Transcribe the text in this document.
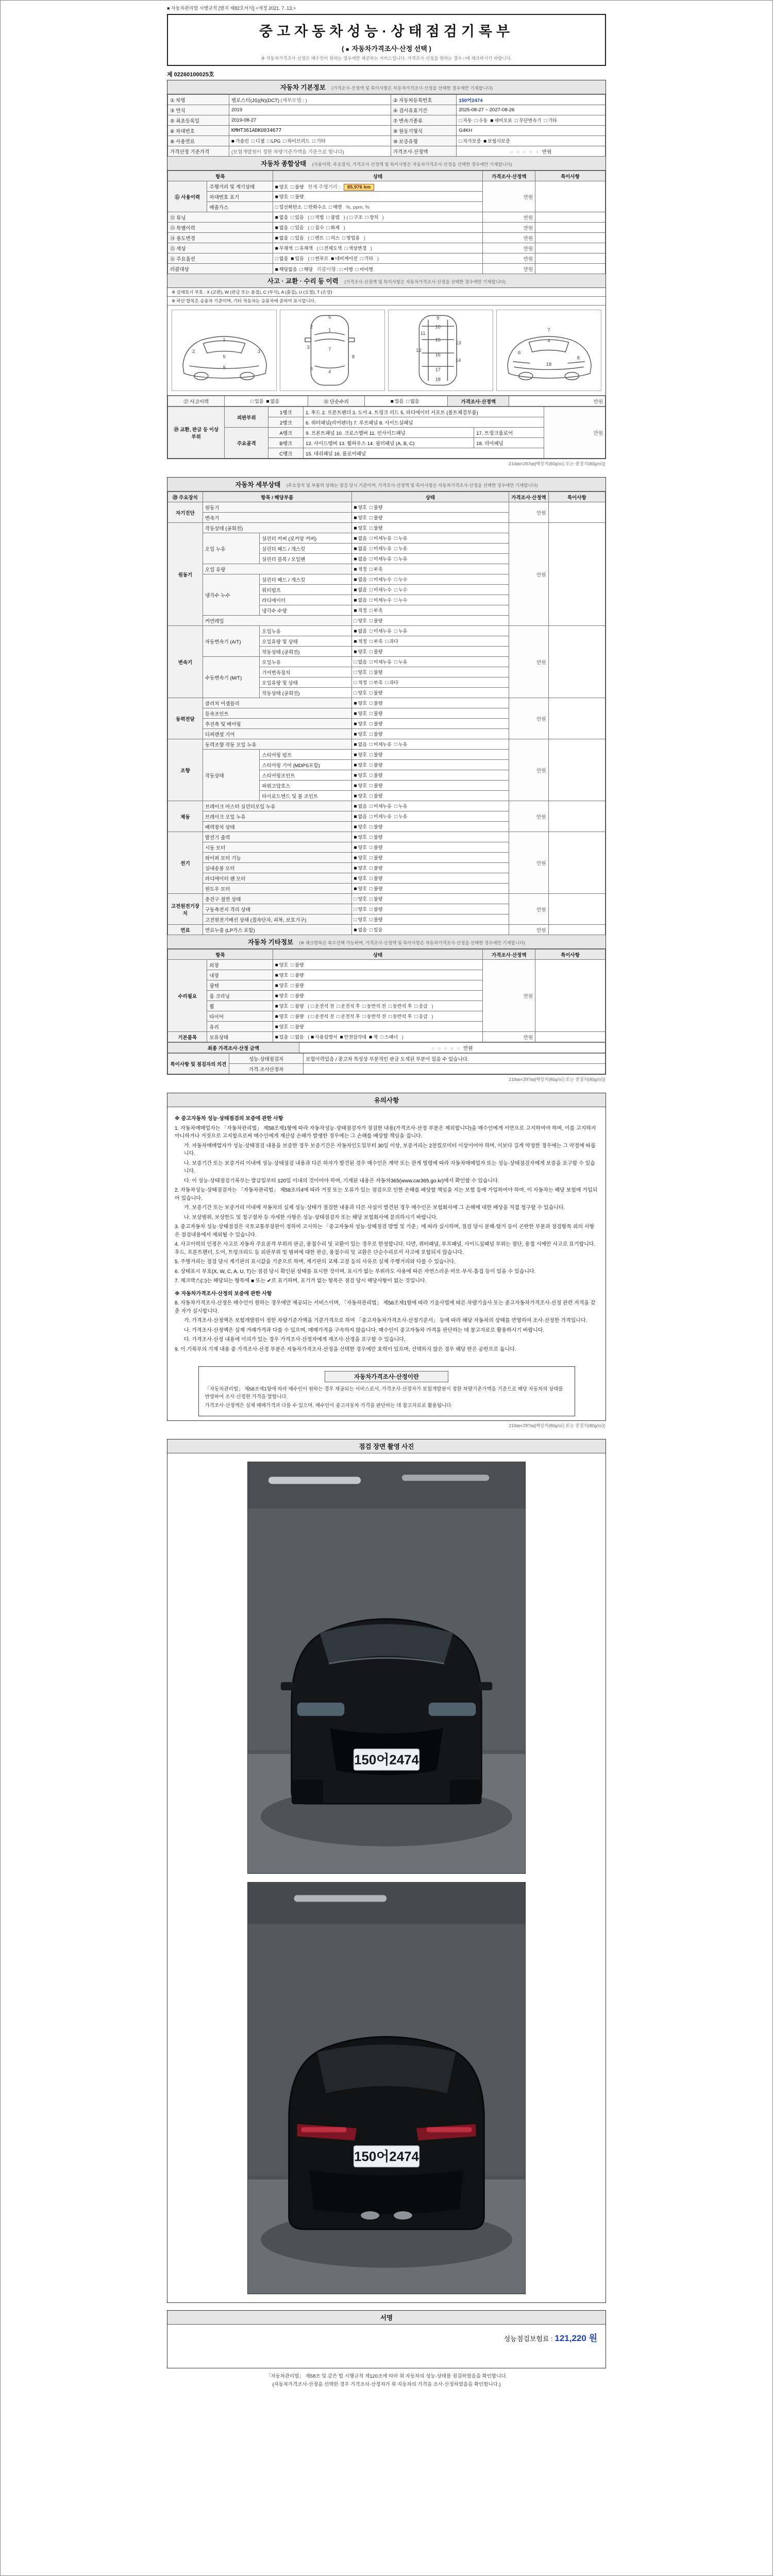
■ 자동차관리법 시행규칙 [별지 제82호서식] <개정 2021. 7. 13.>
중고자동차성능·상태점검기록부
( ■ 자동차가격조사·산정 선택 )
※ 자동차가격조사·산정은 매수인이 원하는 경우에만 제공하는 서비스입니다. 가격조사·산정을 원하는 경우 □에 체크하시기 바랍니다.
제 02260100025호
자동차 기본정보 (가격조사·산정액 및 특이사항은 자동차가격조사·산정을 선택한 경우에만 기재합니다)
① 차명	벨로스터(JS)(N)(DCT) (세부모델 : )	② 자동차등록번호	150어2474
③ 연식	2019	④ 검사유효기간	2025-08-27 ~ 2027-08-26
⑤ 최초등록일	2019-08-27	⑦ 변속기종류	□ 자동 □ 수동 ■ 세미오토 □ 무단변속기 □ 기타
⑥ 차대번호	KMHT361ADKU034677	⑨ 원동기형식	G4KH
⑧ 사용연료	■ 가솔린 □ 디젤 □ LPG □ 하이브리드 □ 기타	⑩ 보증유형	□ 자가보증 ■ 보험사보증
가격산정 기준가격	(보험개발원이 정한 차량기준가액을 기준으로 합니다)	가격조사·산정액	○ ○ ○ ○ ○ 만원
자동차 종합상태 (사용이력, 주요장치, 가격조사·산정액 및 특이사항은 자동차가격조사·산정을 선택한 경우에만 기재합니다)
항목		상태	가격조사·산정액	특이사항
⑪ 사용이력	주행거리 및 계기상태	■ 양호 □ 불량 현재 주행거리 : 85,976 km	만원	
	차대번호 표기	■ 양호 □ 불량		
	배출가스	□ 일산화탄소 □ 탄화수소 □ 매연 %, ppm, %		
⑫ 튜닝		■ 없음 □ 있음 ( □ 적법 □ 불법 ) ( □ 구조 □ 장치 )	만원	
⑬ 특별이력		■ 없음 □ 있음 ( □ 침수 □ 화재 )	만원	
⑭ 용도변경		■ 없음 □ 있음 ( □ 렌트 □ 리스 □ 영업용 )	만원	
⑮ 색상		■ 무채색 □ 유채색 ( □ 전체도색 □ 색상변경 )	만원	
⑯ 주요옵션		□ 없음 ■ 있음 ( □ 썬루프 ■ 네비게이션 □ 기타 )	만원	
리콜대상		■ 해당없음 □ 해당 리콜이행 : □ 이행 □ 미이행	만원	
사고 · 교환 · 수리 등 이력 (가격조사·산정액 및 특이사항은 자동차가격조사·산정을 선택한 경우에만 기재합니다)
※ 상태표시 부호 : X (교환), W (판금 또는 용접), C (부식), A (흠집), U (요철), T (손상)
※ 하단 항목은 승용차 기준이며, 기타 자동차는 승용차에 준하여 표시합니다.
1
2
5
9
3
5
1
2
3	7
8
6
4
9
10
11
15
12
13
16
14
17
18
7
4
6
18
8
⑰ 사고이력	□ 있음 ■ 없음	⑱ 단순수리	■ 있음 □ 없음	가격조사·산정액	만원
⑲ 교환, 판금 등 이상 부위	외판부위	1랭크	1. 후드 2. 프론트펜더 3. 도어 4. 트렁크 리드 5. 라디에이터 서포트 (볼트체결부품)		만원
		2랭크	6. 쿼터패널(리어펜더) 7. 루프패널 8. 사이드실패널		
	주요골격	A랭크	9. 프론트패널 10. 크로스멤버 11. 인사이드패널	17. 트렁크플로어	
		B랭크	12. 사이드멤버 13. 휠하우스 14. 필러패널 (A, B, C)	18. 리어패널	
		C랭크	15. 대쉬패널 16. 플로어패널		
210㎜×297㎜[백상지(80g/㎡) 또는 중질지(80g/㎡)]
자동차 세부상태 (주요장치 및 부품의 상태는 점검 당시 기준이며, 가격조사·산정액 및 특이사항은 자동차가격조사·산정을 선택한 경우에만 기재합니다)
⑳ 주요장치	항목 / 해당부품		상태	가격조사·산정액	특이사항
자기진단	원동기		■ 양호 □ 불량	만원	
	변속기		■ 양호 □ 불량		
원동기	작동상태 (공회전)		■ 양호 □ 불량	만원	
	오일 누유	실린더 커버 (로커암 커버)	■ 없음 □ 미세누유 □ 누유		
		실린더 헤드 / 개스킷	■ 없음 □ 미세누유 □ 누유		
		실린더 블록 / 오일팬	■ 없음 □ 미세누유 □ 누유		
	오일 유량		■ 적정 □ 부족		
	냉각수 누수	실린더 헤드 / 개스킷	■ 없음 □ 미세누수 □ 누수		
		워터펌프	■ 없음 □ 미세누수 □ 누수		
		라디에이터	■ 없음 □ 미세누수 □ 누수		
		냉각수 수량	■ 적정 □ 부족		
	커먼레일		□ 양호 □ 불량		
변속기	자동변속기 (A/T)	오일누유	■ 없음 □ 미세누유 □ 누유	만원	
		오일유량 및 상태	■ 적정 □ 부족 □ 과다		
		작동상태 (공회전)	■ 양호 □ 불량		
	수동변속기 (M/T)	오일누유	□ 없음 □ 미세누유 □ 누유		
		기어변속장치	□ 양호 □ 불량		
		오일유량 및 상태	□ 적정 □ 부족 □ 과다		
		작동상태 (공회전)	□ 양호 □ 불량		
동력전달	클러치 어셈블리		■ 양호 □ 불량	만원	
	등속조인트		■ 양호 □ 불량		
	추진축 및 베어링		■ 양호 □ 불량		
	디퍼렌셜 기어		■ 양호 □ 불량		
조향	동력조향 작동 오일 누유		■ 없음 □ 미세누유 □ 누유	만원	
	작동상태	스티어링 펌프	■ 양호 □ 불량		
		스티어링 기어 (MDPS포함)	■ 양호 □ 불량		
		스티어링조인트	■ 양호 □ 불량		
		파워고압호스	■ 양호 □ 불량		
		타이로드엔드 및 볼 조인트	■ 양호 □ 불량		
제동	브레이크 마스터 실린더오일 누유		■ 없음 □ 미세누유 □ 누유	만원	
	브레이크 오일 누유		■ 없음 □ 미세누유 □ 누유		
	배력장치 상태		■ 양호 □ 불량		
전기	발전기 출력		■ 양호 □ 불량	만원	
	시동 모터		■ 양호 □ 불량		
	와이퍼 모터 기능		■ 양호 □ 불량		
	실내송풍 모터		■ 양호 □ 불량		
	라디에이터 팬 모터		■ 양호 □ 불량		
	윈도우 모터		■ 양호 □ 불량		
고전원전기장치	충전구 절연 상태		□ 양호 □ 불량	만원	
	구동축전지 격리 상태		□ 양호 □ 불량		
	고전원전기배선 상태 (접속단자, 피복, 보호기구)		□ 양호 □ 불량		
연료	연료누출 (LP가스 포함)		■ 없음 □ 있음	만원	
자동차 기타정보 (※ 체크항목은 복수선택 가능하며, 가격조사·산정액 및 특이사항은 자동차가격조사·산정을 선택한 경우에만 기재합니다)
항목		상태	가격조사·산정액	특이사항
수리필요	외장	■ 양호 □ 불량	만원	
	내장	■ 양호 □ 불량		
	광택	■ 양호 □ 불량		
	룸 크리닝	■ 양호 □ 불량		
	휠	■ 양호 □ 불량 ( □ 운전석 전 □ 운전석 후 □ 동반석 전 □ 동반석 후 □ 응급 )		
	타이어	■ 양호 □ 불량 ( □ 운전석 전 □ 운전석 후 □ 동반석 전 □ 동반석 후 □ 응급 )		
	유리	■ 양호 □ 불량		
기본품목	보유상태	■ 있음 □ 없음 ( ■ 사용설명서 ■ 안전삼각대 ■ 잭 □ 스패너 )	만원	
최종 가격조사·산정 금액	○ ○ ○ ○ ○ 만원
특이사항 및 점검자의 의견	성능·상태점검자	보험이력있음 / 중고차 특성상 부분적인 판금 도색된 부분이 있을 수 있습니다.
	가격·조사산정자	
210㎜×297㎜[백상지(80g/㎡) 또는 중질지(80g/㎡)]
유의사항

※ 중고자동차 성능·상태점검의 보증에 관한 사항

1. 자동차매매업자는 「자동차관리법」 제58조제1항에 따라 자동차성능·상태점검자가 점검한 내용(가격조사·산정 부분은 제외합니다)을 매수인에게 서면으로 고지하여야 하며, 이를 고지하지 아니하거나 거짓으로 고지함으로써 매수인에게 재산상 손해가 발생한 경우에는 그 손해를 배상할 책임을 집니다.

가. 자동차매매업자가 성능·상태점검 내용을 보증한 경우 보증기간은 자동차인도일부터 30일 이상, 보증거리는 2천킬로미터 이상이어야 하며, 이보다 길게 약정한 경우에는 그 약정에 따릅니다.

나. 보증기간 또는 보증거리 이내에 성능·상태점검 내용과 다른 하자가 발견된 경우 매수인은 계약 또는 관계 법령에 따라 자동차매매업자 또는 성능·상태점검자에게 보증을 요구할 수 있습니다.

다. 이 성능·상태점검기록부는 발급일부터 120일 이내의 것이어야 하며, 기재된 내용은 자동차365(www.car365.go.kr)에서 확인할 수 있습니다.

2. 자동차성능·상태점검자는 「자동차관리법」 제58조의4에 따라 거짓 또는 오류가 있는 점검으로 인한 손해를 배상할 책임을 지는 보험 등에 가입하여야 하며, 이 자동차는 해당 보험에 가입되어 있습니다.

가. 보증기간 또는 보증거리 이내에 자동차의 실제 성능·상태가 점검한 내용과 다른 사실이 발견된 경우 매수인은 보험회사에 그 손해에 대한 배상을 직접 청구할 수 있습니다.

나. 보상범위, 보상한도 및 청구절차 등 자세한 사항은 성능·상태점검자 또는 해당 보험회사에 문의하시기 바랍니다.

3. 중고자동차 성능·상태점검은 국토교통부장관이 정하여 고시하는 「중고자동차 성능·상태점검 방법 및 기준」에 따라 실시하며, 점검 당시 분해·탈거 등이 곤란한 부분과 점검항목 외의 사항은 점검내용에서 제외될 수 있습니다.

4. 사고이력의 인정은 사고로 자동차 주요골격 부위의 판금, 용접수리 및 교환이 있는 경우로 한정합니다. 다만, 쿼터패널, 루프패널, 사이드실패널 부위는 절단, 용접 시에만 사고로 표기합니다. 후드, 프론트펜더, 도어, 트렁크리드 등 외판부위 및 범퍼에 대한 판금, 용접수리 및 교환은 단순수리로서 사고에 포함되지 않습니다.

5. 주행거리는 점검 당시 계기판의 표시값을 기준으로 하며, 계기판의 교체·고장 등의 사유로 실제 주행거리와 다를 수 있습니다.

6. 상태표시 부호(X, W, C, A, U, T)는 점검 당시 확인된 상태를 표시한 것이며, 표시가 없는 부위라도 사용에 따른 자연스러운 마모·부식·흠집 등이 있을 수 있습니다.

7. 체크박스(□)는 해당되는 항목에 ■ 또는 ✔로 표기하며, 표기가 없는 항목은 점검 당시 해당사항이 없는 것입니다.

※ 자동차가격조사·산정의 보증에 관한 사항

8. 자동차가격조사·산정은 매수인이 원하는 경우에만 제공되는 서비스이며, 「자동차관리법」 제58조제1항에 따라 기술사법에 따른 차량기술사 또는 중고자동차가격조사·산정 관련 자격을 갖춘 자가 실시합니다.

가. 가격조사·산정액은 보험개발원이 정한 차량기준가액을 기준가격으로 하여 「중고자동차가격조사·산정기준서」 등에 따라 해당 자동차의 상태를 반영하여 조사·산정한 가격입니다.

나. 가격조사·산정액은 실제 거래가격과 다를 수 있으며, 매매가격을 구속하지 않습니다. 매수인이 중고자동차 가격을 판단하는 데 참고자료로 활용하시기 바랍니다.

다. 가격조사·산정 내용에 이의가 있는 경우 가격조사·산정자에게 재조사·산정을 요구할 수 있습니다.

9. 이 기록부의 기재 내용 중 가격조사·산정 부분은 자동차가격조사·산정을 선택한 경우에만 효력이 있으며, 선택하지 않은 경우 해당 란은 공란으로 둡니다.

자동차가격조사·산정이란

「자동차관리법」 제58조제1항에 따라 매수인이 원하는 경우 제공되는 서비스로서, 가격조사·산정자가 보험개발원이 정한 차량기준가액을 기준으로 해당 자동차의 상태를 반영하여 조사·산정한 가격을 말합니다.

가격조사·산정액은 실제 매매가격과 다를 수 있으며, 매수인이 중고자동차 가격을 판단하는 데 참고자료로 활용됩니다.

210㎜×297㎜[백상지(80g/㎡) 또는 중질지(80g/㎡)]
점검 장면 촬영 사진
150어2474
150어2474
서명
성능점검보험료 : 121,220 원
「자동차관리법」 제58조 및 같은 법 시행규칙 제120조에 따라 위 자동차의 성능·상태를 점검하였음을 확인합니다.
(자동차가격조사·산정을 선택한 경우 가격조사·산정자가 위 자동차의 가격을 조사·산정하였음을 확인합니다.)
